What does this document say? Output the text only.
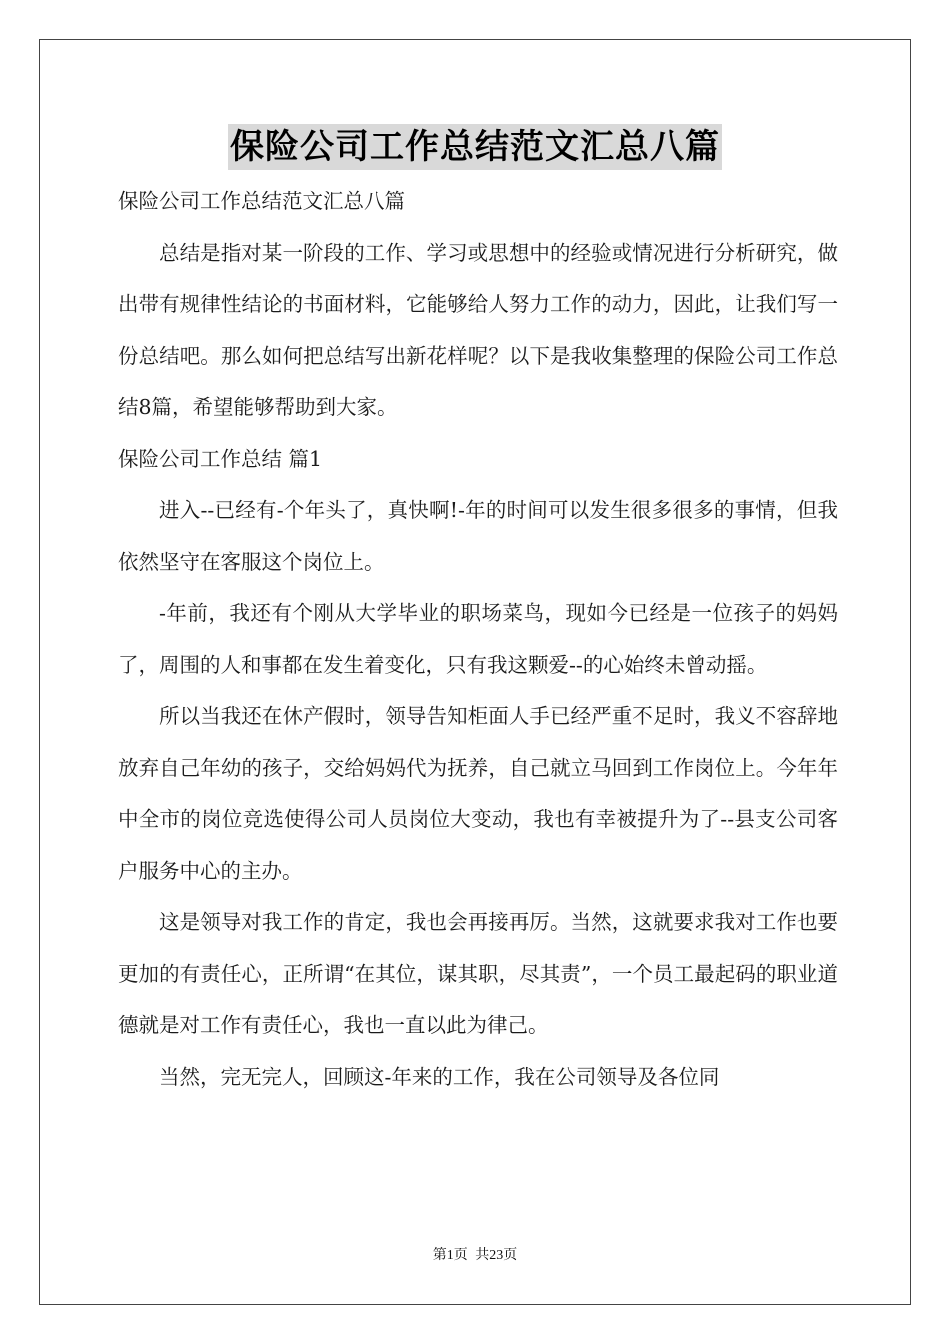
保险公司工作总结范文汇总八篇

保险公司工作总结范文汇总八篇

总结是指对某一阶段的工作、学习或思想中的经验或情况进行分析研究，做出带有规律性结论的书面材料，它能够给人努力工作的动力，因此，让我们写一份总结吧。那么如何把总结写出新花样呢？以下是我收集整理的保险公司工作总结8篇，希望能够帮助到大家。

保险公司工作总结 篇1

进入--已经有-个年头了，真快啊!-年的时间可以发生很多很多的事情，但我依然坚守在客服这个岗位上。

-年前，我还有个刚从大学毕业的职场菜鸟，现如今已经是一位孩子的妈妈了，周围的人和事都在发生着变化，只有我这颗爱--的心始终未曾动摇。

所以当我还在休产假时，领导告知柜面人手已经严重不足时，我义不容辞地放弃自己年幼的孩子，交给妈妈代为抚养，自己就立马回到工作岗位上。今年年中全市的岗位竞选使得公司人员岗位大变动，我也有幸被提升为了--县支公司客户服务中心的主办。

这是领导对我工作的肯定，我也会再接再厉。当然，这就要求我对工作也要更加的有责任心，正所谓“在其位，谋其职，尽其责”，一个员工最起码的职业道德就是对工作有责任心，我也一直以此为律己。

当然，完无完人，回顾这-年来的工作，我在公司领导及各位同

第1页 共23页
